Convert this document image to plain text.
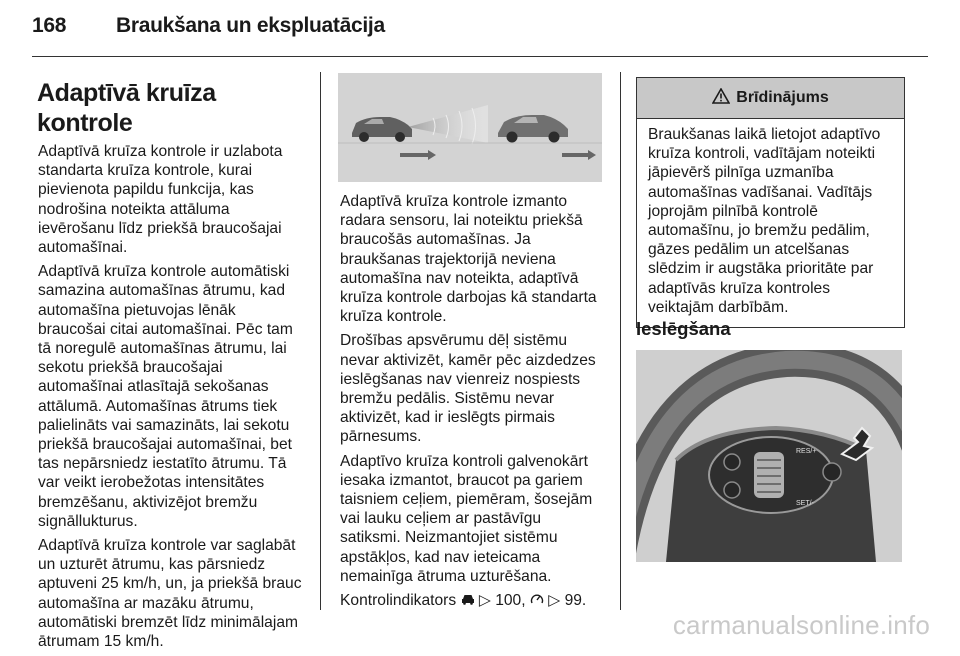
168 Braukšana un ekspluatācija
Adaptīvā kruīza kontrole

Adaptīvā kruīza kontrole ir uzlabota standarta kruīza kontrole, kurai pievienota papildu funkcija, kas nodrošina noteikta attāluma ievērošanu līdz priekšā braucošajai automašīnai.

Adaptīvā kruīza kontrole automātiski samazina automašīnas ātrumu, kad automašīna pietuvojas lēnāk braucošai citai automašīnai. Pēc tam tā noregulē automašīnas ātrumu, lai sekotu priekšā braucošajai automašīnai atlasītajā sekošanas attālumā. Automašīnas ātrums tiek palielināts vai samazināts, lai sekotu priekšā braucošajai automašīnai, bet tas nepārsniedz iestatīto ātrumu. Tā var veikt ierobežotas intensitātes bremzēšanu, aktivizējot bremžu signāllukturus.

Adaptīvā kruīza kontrole var saglabāt un uzturēt ātrumu, kas pārsniedz aptuveni 25 km/h, un, ja priekšā brauc automašīna ar mazāku ātrumu, automātiski bremzēt līdz minimālajam ātrumam 15 km/h.

Adaptīvā kruīza kontrole izmanto radara sensoru, lai noteiktu priekšā braucošās automašīnas. Ja braukšanas trajektorijā neviena automašīna nav noteikta, adaptīvā kruīza kontrole darbojas kā standarta kruīza kontrole.

Drošības apsvērumu dēļ sistēmu nevar aktivizēt, kamēr pēc aizdedzes ieslēgšanas nav vienreiz nospiests bremžu pedālis. Sistēmu nevar aktivizēt, kad ir ieslēgts pirmais pārnesums.

Adaptīvo kruīza kontroli galvenokārt iesaka izmantot, braucot pa gariem taisniem ceļiem, piemēram, šosejām vai lauku ceļiem ar pastāvīgu satiksmi. Neizmantojiet sistēmu apstākļos, kad nav ieteicama nemainīga ātruma uzturēšana.

Kontrolindikators ▷ 100, ▷ 99.

Brīdinājums
Braukšanas laikā lietojot adaptīvo kruīza kontroli, vadītājam noteikti jāpievērš pilnīga uzmanība automašīnas vadīšanai. Vadītājs joprojām pilnībā kontrolē automašīnu, jo bremžu pedālim, gāzes pedālim un atcelšanas slēdzim ir augstāka prioritāte par adaptīvās kruīza kontroles veiktajām darbībām.
Ieslēgšana
RES/+
SET/-
carmanualsonline.info
